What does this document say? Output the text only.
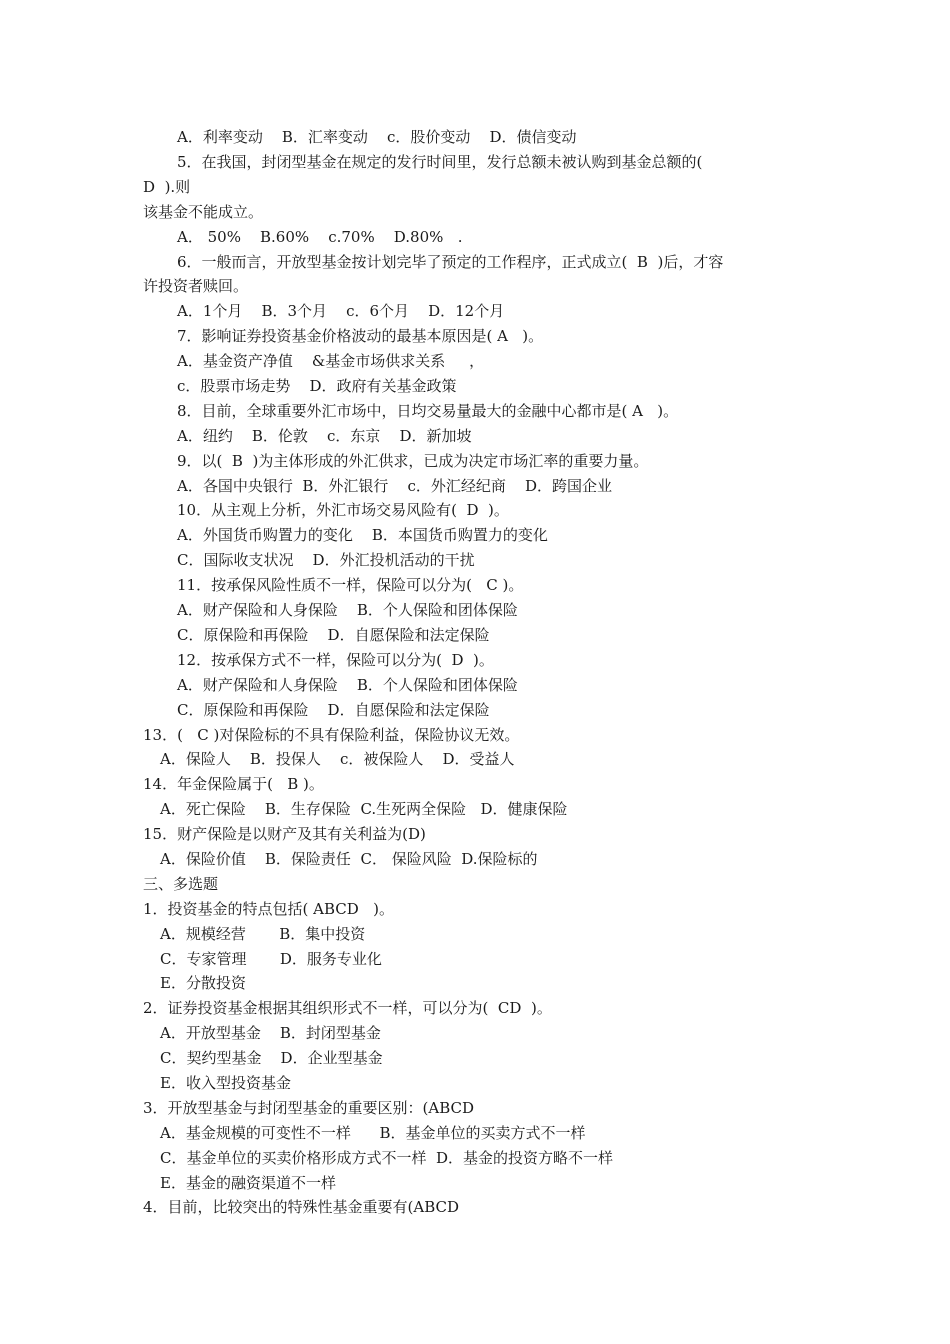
A．利率变动    B．汇率变动    c．股价变动    D．债信变动
5．在我国，封闭型基金在规定的发行时间里，发行总额未被认购到基金总额的(
D  ).则
该基金不能成立。
A． 50%    B.60%    c.70%    D.80%   .
6．一般而言，开放型基金按计划完毕了预定的工作程序，正式成立(  B  )后，才容
许投资者赎回。
A．1个月    B．3个月    c．6个月    D．12个月
7．影响证券投资基金价格波动的最基本原因是( A   )。
A．基金资产净值    &基金市场供求关系     ，
c．股票市场走势    D．政府有关基金政策
8．目前，全球重要外汇市场中，日均交易量最大的金融中心都市是( A   )。
A．纽约    B．伦敦    c．东京    D．新加坡
9．以(  B  )为主体形成的外汇供求，已成为决定市场汇率的重要力量。
A．各国中央银行  B．外汇银行    c．外汇经纪商    D．跨国企业
10．从主观上分析，外汇市场交易风险有(  D  )。
A．外国货币购置力的变化    B．本国货币购置力的变化
C．国际收支状况    D．外汇投机活动的干扰
11．按承保风险性质不一样，保险可以分为(   C )。
A．财产保险和人身保险    B．个人保险和团体保险
C．原保险和再保险    D．自愿保险和法定保险
12．按承保方式不一样，保险可以分为(  D  )。
A．财产保险和人身保险    B．个人保险和团体保险
C．原保险和再保险    D．自愿保险和法定保险
13．(   C )对保险标的不具有保险利益，保险协议无效。
A．保险人    B．投保人    c．被保险人    D．受益人
14．年金保险属于(   B )。
A．死亡保险    B．生存保险  C.生死两全保险   D．健康保险
15．财产保险是以财产及其有关利益为(D)
A．保险价值    B．保险责任  C． 保险风险  D.保险标的
三、多选题
1．投资基金的特点包括( ABCD   )。
A．规模经营       B．集中投资
C．专家管理       D．服务专业化
E．分散投资
2．证券投资基金根据其组织形式不一样，可以分为(  CD  )。
A．开放型基金    B．封闭型基金
C．契约型基金    D．企业型基金
E．收入型投资基金
3．开放型基金与封闭型基金的重要区别：(ABCD
A．基金规模的可变性不一样      B．基金单位的买卖方式不一样
C．基金单位的买卖价格形成方式不一样  D．基金的投资方略不一样
E．基金的融资渠道不一样
4．目前，比较突出的特殊性基金重要有(ABCD
